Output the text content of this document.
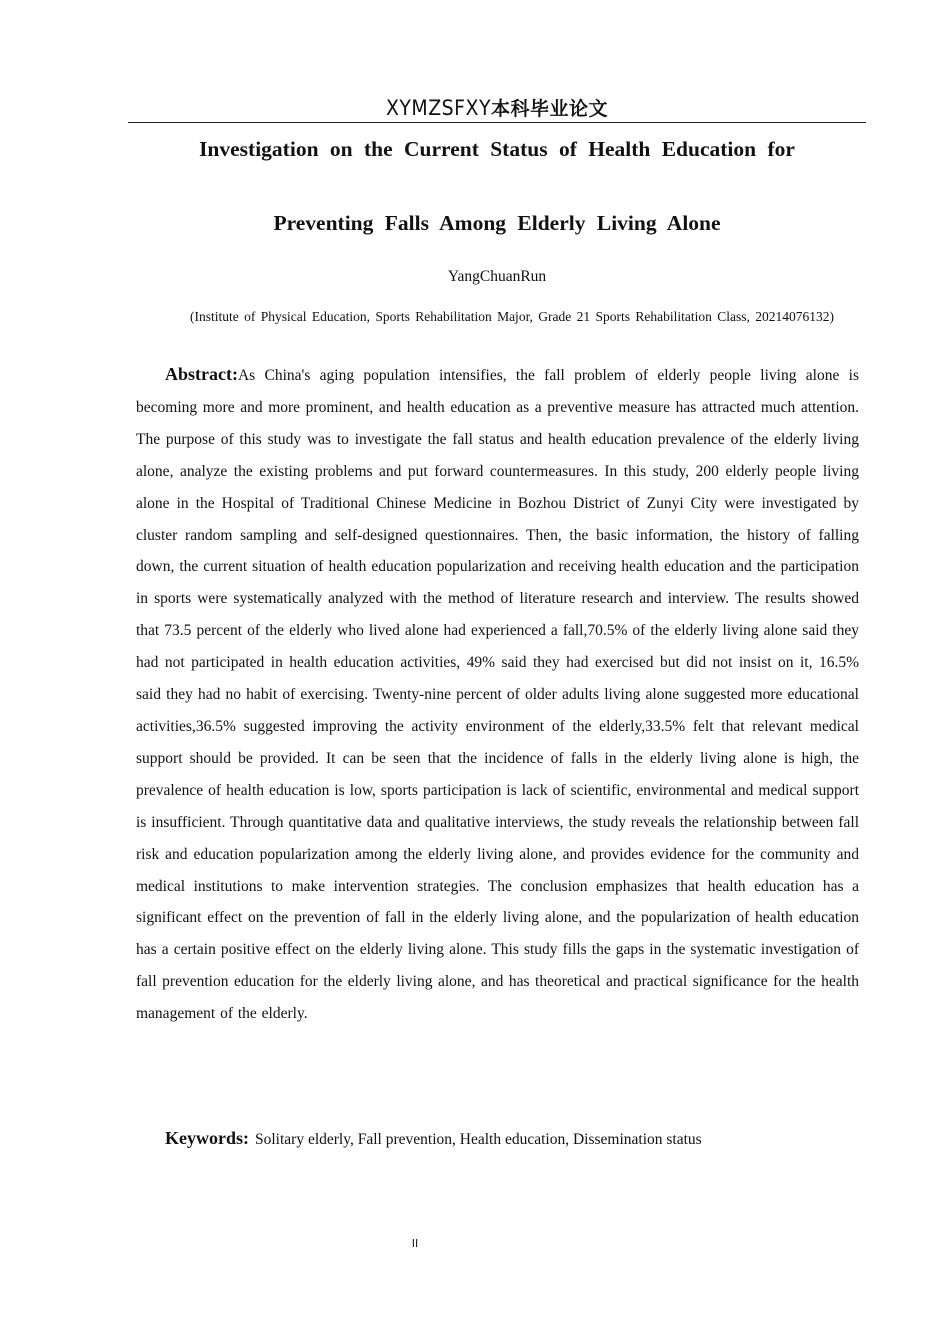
XYMZSFXY本科毕业论文
Investigation on the Current Status of Health Education for
Preventing Falls Among Elderly Living Alone
YangChuanRun
(Institute of Physical Education, Sports Rehabilitation Major, Grade 21 Sports Rehabilitation Class, 20214076132)

Abstract:As China's aging population intensifies, the fall problem of elderly people living alone is becoming more and more prominent, and health education as a preventive measure has attracted much attention. The purpose of this study was to investigate the fall status and health education prevalence of the elderly living alone, analyze the existing problems and put forward countermeasures. In this study, 200 elderly people living alone in the Hospital of Traditional Chinese Medicine in Bozhou District of Zunyi City were investigated by cluster random sampling and self-designed questionnaires. Then, the basic information, the history of falling down, the current situation of health education popularization and receiving health education and the participation in sports were systematically analyzed with the method of literature research and interview. The results showed that 73.5 percent of the elderly who lived alone had experienced a fall,70.5% of the elderly living alone said they had not participated in health education activities, 49% said they had exercised but did not insist on it, 16.5% said they had no habit of exercising. Twenty-nine percent of older adults living alone suggested more educational activities,36.5% suggested improving the activity environment of the elderly,33.5% felt that relevant medical support should be provided. It can be seen that the incidence of falls in the elderly living alone is high, the prevalence of health education is low, sports participation is lack of scientific, environmental and medical support is insufficient. Through quantitative data and qualitative interviews, the study reveals the relationship between fall risk and education popularization among the elderly living alone, and provides evidence for the community and medical institutions to make intervention strategies. The conclusion emphasizes that health education has a significant effect on the prevention of fall in the elderly living alone, and the popularization of health education has a certain positive effect on the elderly living alone. This study fills the gaps in the systematic investigation of fall prevention education for the elderly living alone, and has theoretical and practical significance for the health management of the elderly.

Keywords: Solitary elderly, Fall prevention, Health education, Dissemination status

II
